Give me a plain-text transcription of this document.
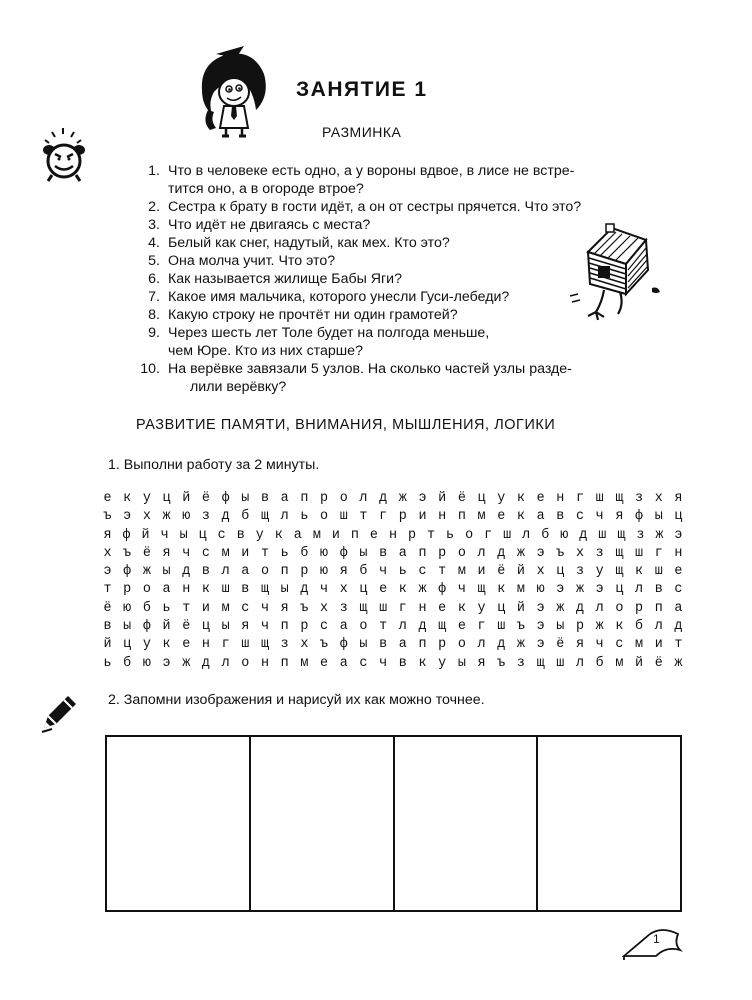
ЗАНЯТИЕ 1
РАЗМИНКА
1. Что в человеке есть одно, а у вороны вдвое, в лисе не встре-
тится оно, а в огороде втрое?
2. Сестра к брату в гости идёт, а он от сестры прячется. Что это?
3. Что идёт не двигаясь с места?
4. Белый как снег, надутый, как мех. Кто это?
5. Она молча учит. Что это?
6. Как называется жилище Бабы Яги?
7. Какое имя мальчика, которого унесли Гуси-лебеди?
8. Какую строку не прочтёт ни один грамотей?
9. Через шесть лет Толе будет на полгода меньше,
чем Юре. Кто из них старше?
10. На верёвке завязали 5 узлов. На сколько частей узлы разде-
лили верёвку?
РАЗВИТИЕ ПАМЯТИ, ВНИМАНИЯ, МЫШЛЕНИЯ, ЛОГИКИ
1. Выполни работу за 2 минуты.
е к у ц й ё ф ы в а п р о л д ж э й ё ц у к е н г ш щ з х я
ъ э х ж ю з д б щ л ь о ш т г р и н п м е к а в с ч я ф ы ц
я ф й ч ы ц с в у к а м и п е н р т ь о г ш л б ю д ш щ з ж э
х ъ ё я ч с м и т ь б ю ф ы в а п р о л д ж э ъ х з щ ш г н
э ф ж ы д в л а о п р ю я б ч ь с т м и ё й х ц з у щ к ш е
т р о а н к ш в щ ы д ч х ц е к ж ф ч щ к м ю э ж э ц л в с
ё ю б ь т и м с ч я ъ х з щ ш г н е к у ц й э ж д л о р п а
в ы ф й ё ц ы я ч п р с а о т л д щ е г ш ъ э ы р ж к б л д
й ц у к е н г ш щ з х ъ ф ы в а п р о л д ж э ё я ч с м и т
ь б ю э ж д л о н п м е а с ч в к у ы я ъ з щ ш л б м й ё ж
2. Запомни изображения и нарисуй их как можно точнее.
1
